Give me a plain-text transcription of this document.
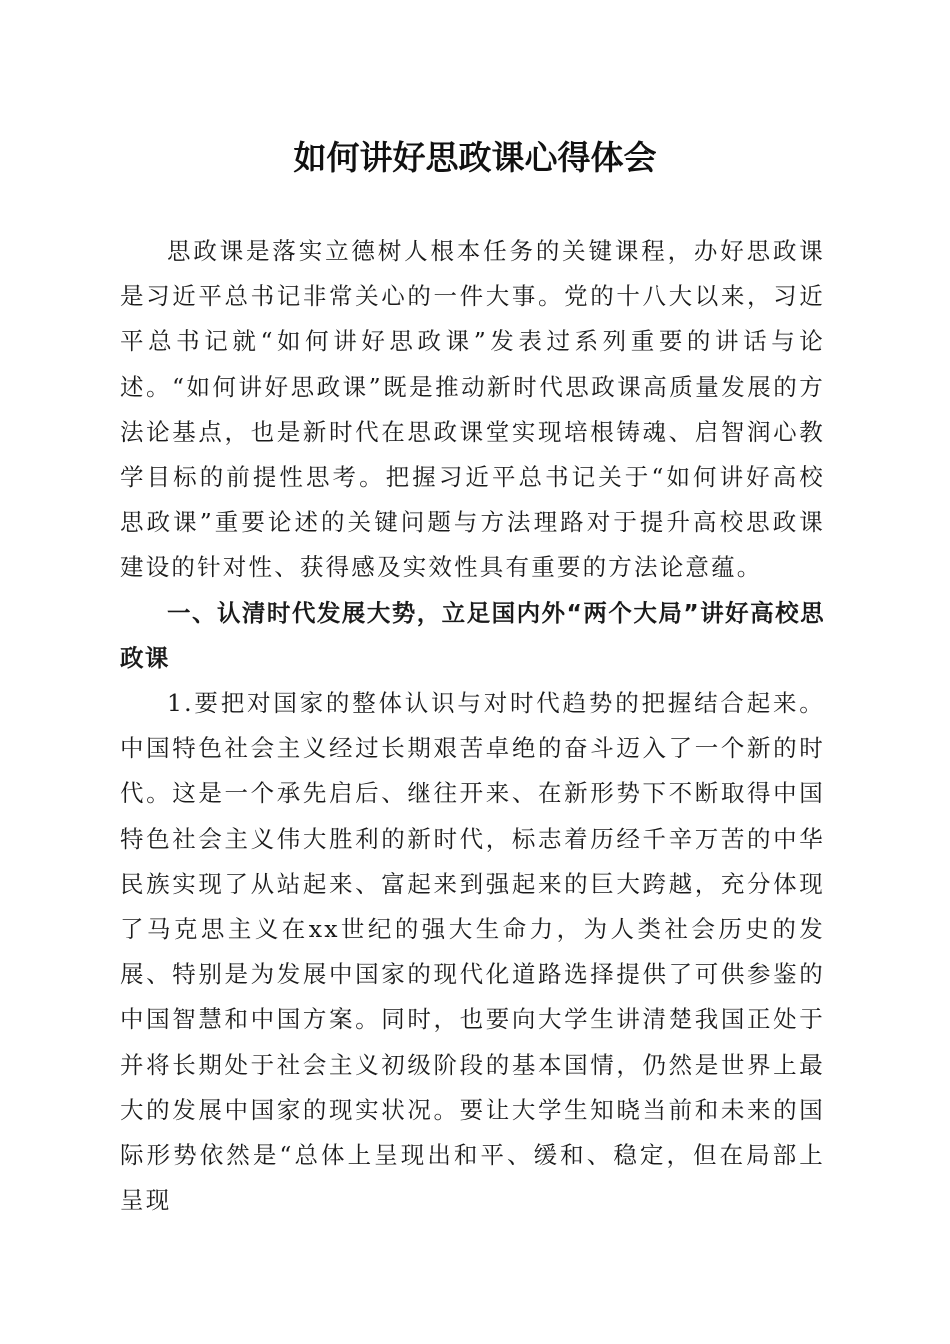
如何讲好思政课心得体会

思政课是落实立德树人根本任务的关键课程，办好思政课是习近平总书记非常关心的一件大事。党的十八大以来，习近平总书记就“如何讲好思政课”发表过系列重要的讲话与论述。“如何讲好思政课”既是推动新时代思政课高质量发展的方法论基点，也是新时代在思政课堂实现培根铸魂、启智润心教学目标的前提性思考。把握习近平总书记关于“如何讲好高校思政课”重要论述的关键问题与方法理路对于提升高校思政课建设的针对性、获得感及实效性具有重要的方法论意蕴。

一、认清时代发展大势，立足国内外“两个大局”讲好高校思政课

1.要把对国家的整体认识与对时代趋势的把握结合起来。中国特色社会主义经过长期艰苦卓绝的奋斗迈入了一个新的时代。这是一个承先启后、继往开来、在新形势下不断取得中国特色社会主义伟大胜利的新时代，标志着历经千辛万苦的中华民族实现了从站起来、富起来到强起来的巨大跨越，充分体现了马克思主义在xx世纪的强大生命力，为人类社会历史的发展、特别是为发展中国家的现代化道路选择提供了可供参鉴的中国智慧和中国方案。同时，也要向大学生讲清楚我国正处于并将长期处于社会主义初级阶段的基本国情，仍然是世界上最大的发展中国家的现实状况。要让大学生知晓当前和未来的国际形势依然是“总体上呈现出和平、缓和、稳定，但在局部上呈现
